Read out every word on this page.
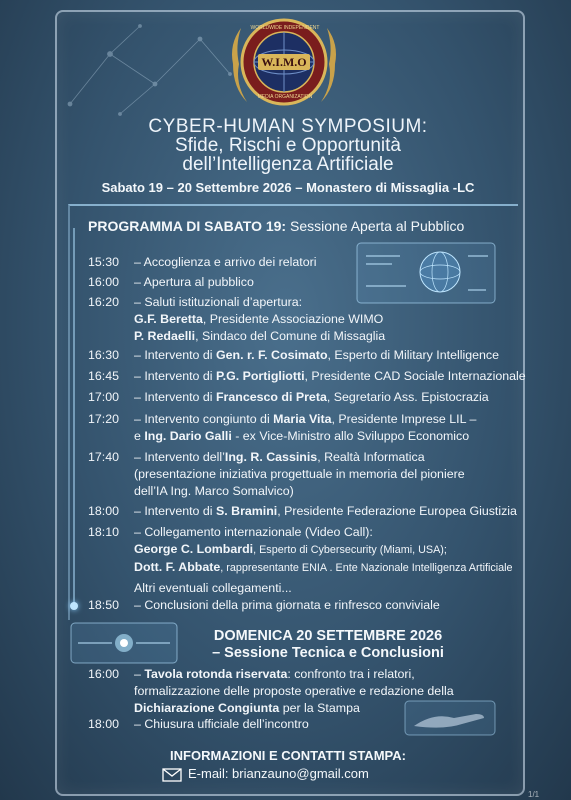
W.I.M.O
WORLDWIDE INDEPENDENT
MEDIA ORGANIZATION
CYBER-HUMAN SYMPOSIUM:
Sfide, Rischi e Opportunità
dell’Intelligenza Artificiale
Sabato 19 – 20 Settembre 2026 – Monastero di Missaglia -LC
PROGRAMMA DI SABATO 19: Sessione Aperta al Pubblico
15:30 – Accoglienza e arrivo dei relatori
16:00 – Apertura al pubblico
16:20 – Saluti istituzionali d’apertura:
G.F. Beretta, Presidente Associazione WIMO
P. Redaelli, Sindaco del Comune di Missaglia
16:30 – Intervento di Gen. r. F. Cosimato, Esperto di Military Intelligence
16:45 – Intervento di P.G. Portigliotti, Presidente CAD Sociale Internazionale
17:00 – Intervento di Francesco di Preta, Segretario Ass. Epistocrazia
17:20 – Intervento congiunto di Maria Vita, Presidente Imprese LIL –
e Ing. Dario Galli - ex Vice-Ministro allo Sviluppo Economico
17:40 – Intervento dell’Ing. R. Cassinis, Realtà Informatica
(presentazione iniziativa progettuale in memoria del pioniere
dell’IA Ing. Marco Somalvico)
18:00 – Intervento di S. Bramini, Presidente Federazione Europea Giustizia
18:10 – Collegamento internazionale (Video Call):
George C. Lombardi, Esperto di Cybersecurity (Miami, USA);
Dott. F. Abbate, rappresentante ENIA . Ente Nazionale Intelligenza Artificiale
Altri eventuali collegamenti...
18:50 – Conclusioni della prima giornata e rinfresco conviviale
DOMENICA 20 SETTEMBRE 2026
– Sessione Tecnica e Conclusioni
16:00 – Tavola rotonda riservata: confronto tra i relatori,
formalizzazione delle proposte operative e redazione della
Dichiarazione Congiunta per la Stampa
18:00 – Chiusura ufficiale dell’incontro
INFORMAZIONI E CONTATTI STAMPA:
E-mail: brianzauno@gmail.com
1/1
